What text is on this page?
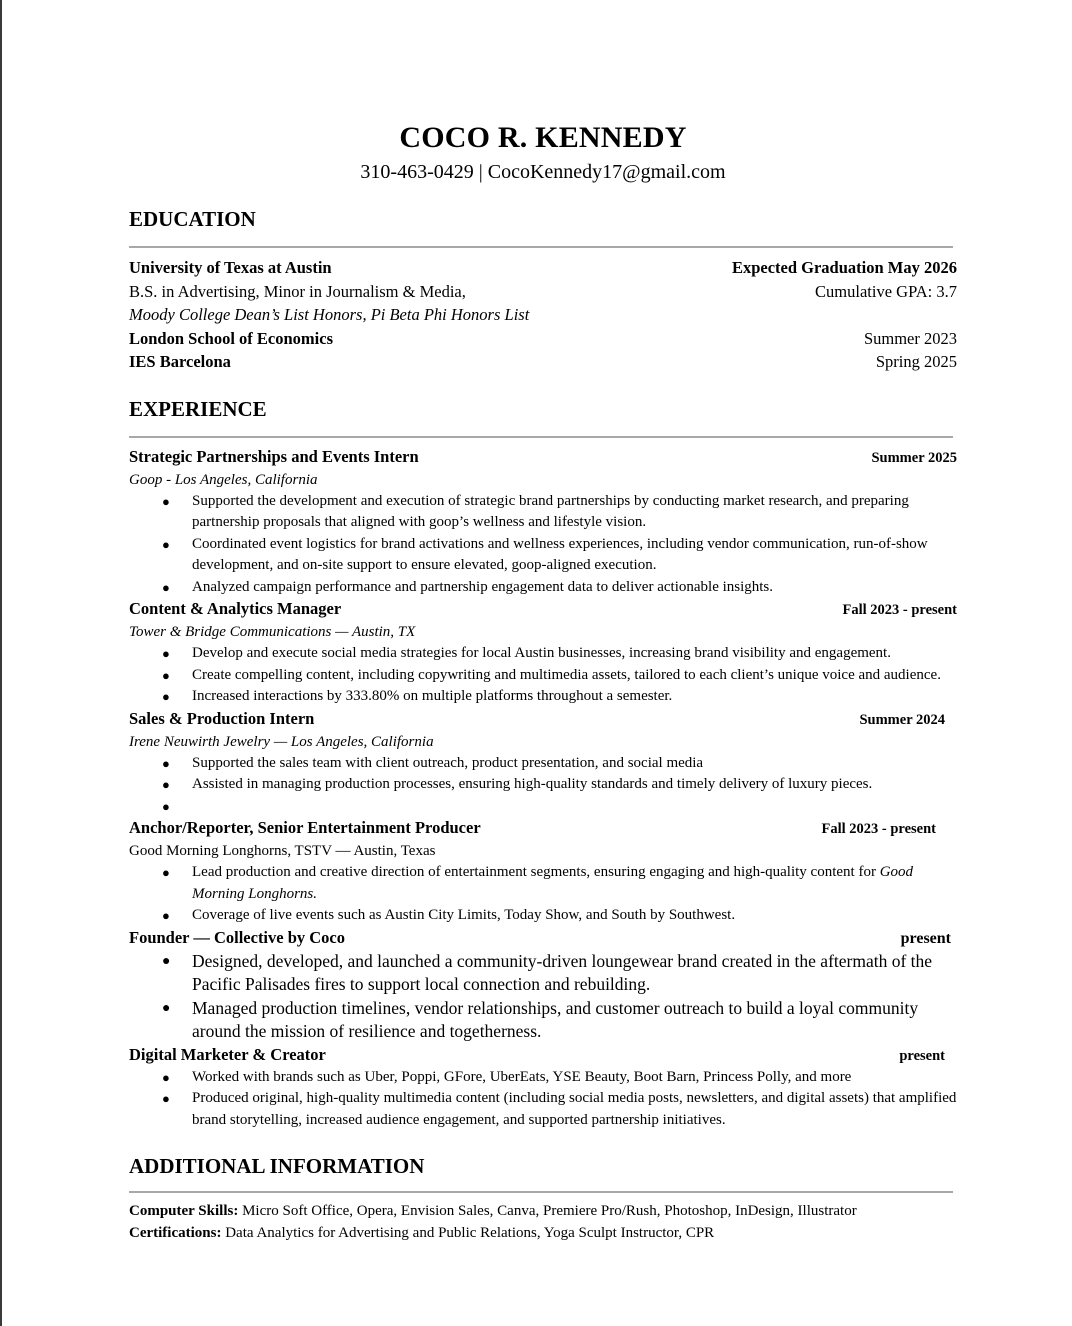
COCO R. KENNEDY
310-463-0429 | CocoKennedy17@gmail.com
EDUCATION
University of Texas at Austin	Expected Graduation May 2026
B.S. in Advertising, Minor in Journalism & Media,	Cumulative GPA: 3.7
Moody College Dean’s List Honors, Pi Beta Phi Honors List
London School of Economics	Summer 2023
IES Barcelona	Spring 2025
EXPERIENCE
Strategic Partnerships and Events Intern	Summer 2025
Goop - Los Angeles, California
● Supported the development and execution of strategic brand partnerships by conducting market research, and preparing partnership proposals that aligned with goop’s wellness and lifestyle vision.
● Coordinated event logistics for brand activations and wellness experiences, including vendor communication, run-of-show development, and on-site support to ensure elevated, goop-aligned execution.
● Analyzed campaign performance and partnership engagement data to deliver actionable insights.
Content & Analytics Manager	Fall 2023 - present
Tower & Bridge Communications — Austin, TX
● Develop and execute social media strategies for local Austin businesses, increasing brand visibility and engagement.
● Create compelling content, including copywriting and multimedia assets, tailored to each client’s unique voice and audience.
● Increased interactions by 333.80% on multiple platforms throughout a semester.
Sales & Production Intern	Summer 2024
Irene Neuwirth Jewelry — Los Angeles, California
● Supported the sales team with client outreach, product presentation, and social media
● Assisted in managing production processes, ensuring high-quality standards and timely delivery of luxury pieces.
●

Anchor/Reporter, Senior Entertainment Producer	Fall 2023 - present
Good Morning Longhorns, TSTV — Austin, Texas
● Lead production and creative direction of entertainment segments, ensuring engaging and high-quality content for Good Morning Longhorns.
● Coverage of live events such as Austin City Limits, Today Show, and South by Southwest.
Founder — Collective by Coco	present
● Designed, developed, and launched a community-driven loungewear brand created in the aftermath of the Pacific Palisades fires to support local connection and rebuilding.
● Managed production timelines, vendor relationships, and customer outreach to build a loyal community around the mission of resilience and togetherness.
Digital Marketer & Creator	present
● Worked with brands such as Uber, Poppi, GFore, UberEats, YSE Beauty, Boot Barn, Princess Polly, and more
● Produced original, high-quality multimedia content (including social media posts, newsletters, and digital assets) that amplified brand storytelling, increased audience engagement, and supported partnership initiatives.
ADDITIONAL INFORMATION
Computer Skills: Micro Soft Office, Opera, Envision Sales, Canva, Premiere Pro/Rush, Photoshop, InDesign, Illustrator
Certifications: Data Analytics for Advertising and Public Relations, Yoga Sculpt Instructor, CPR
